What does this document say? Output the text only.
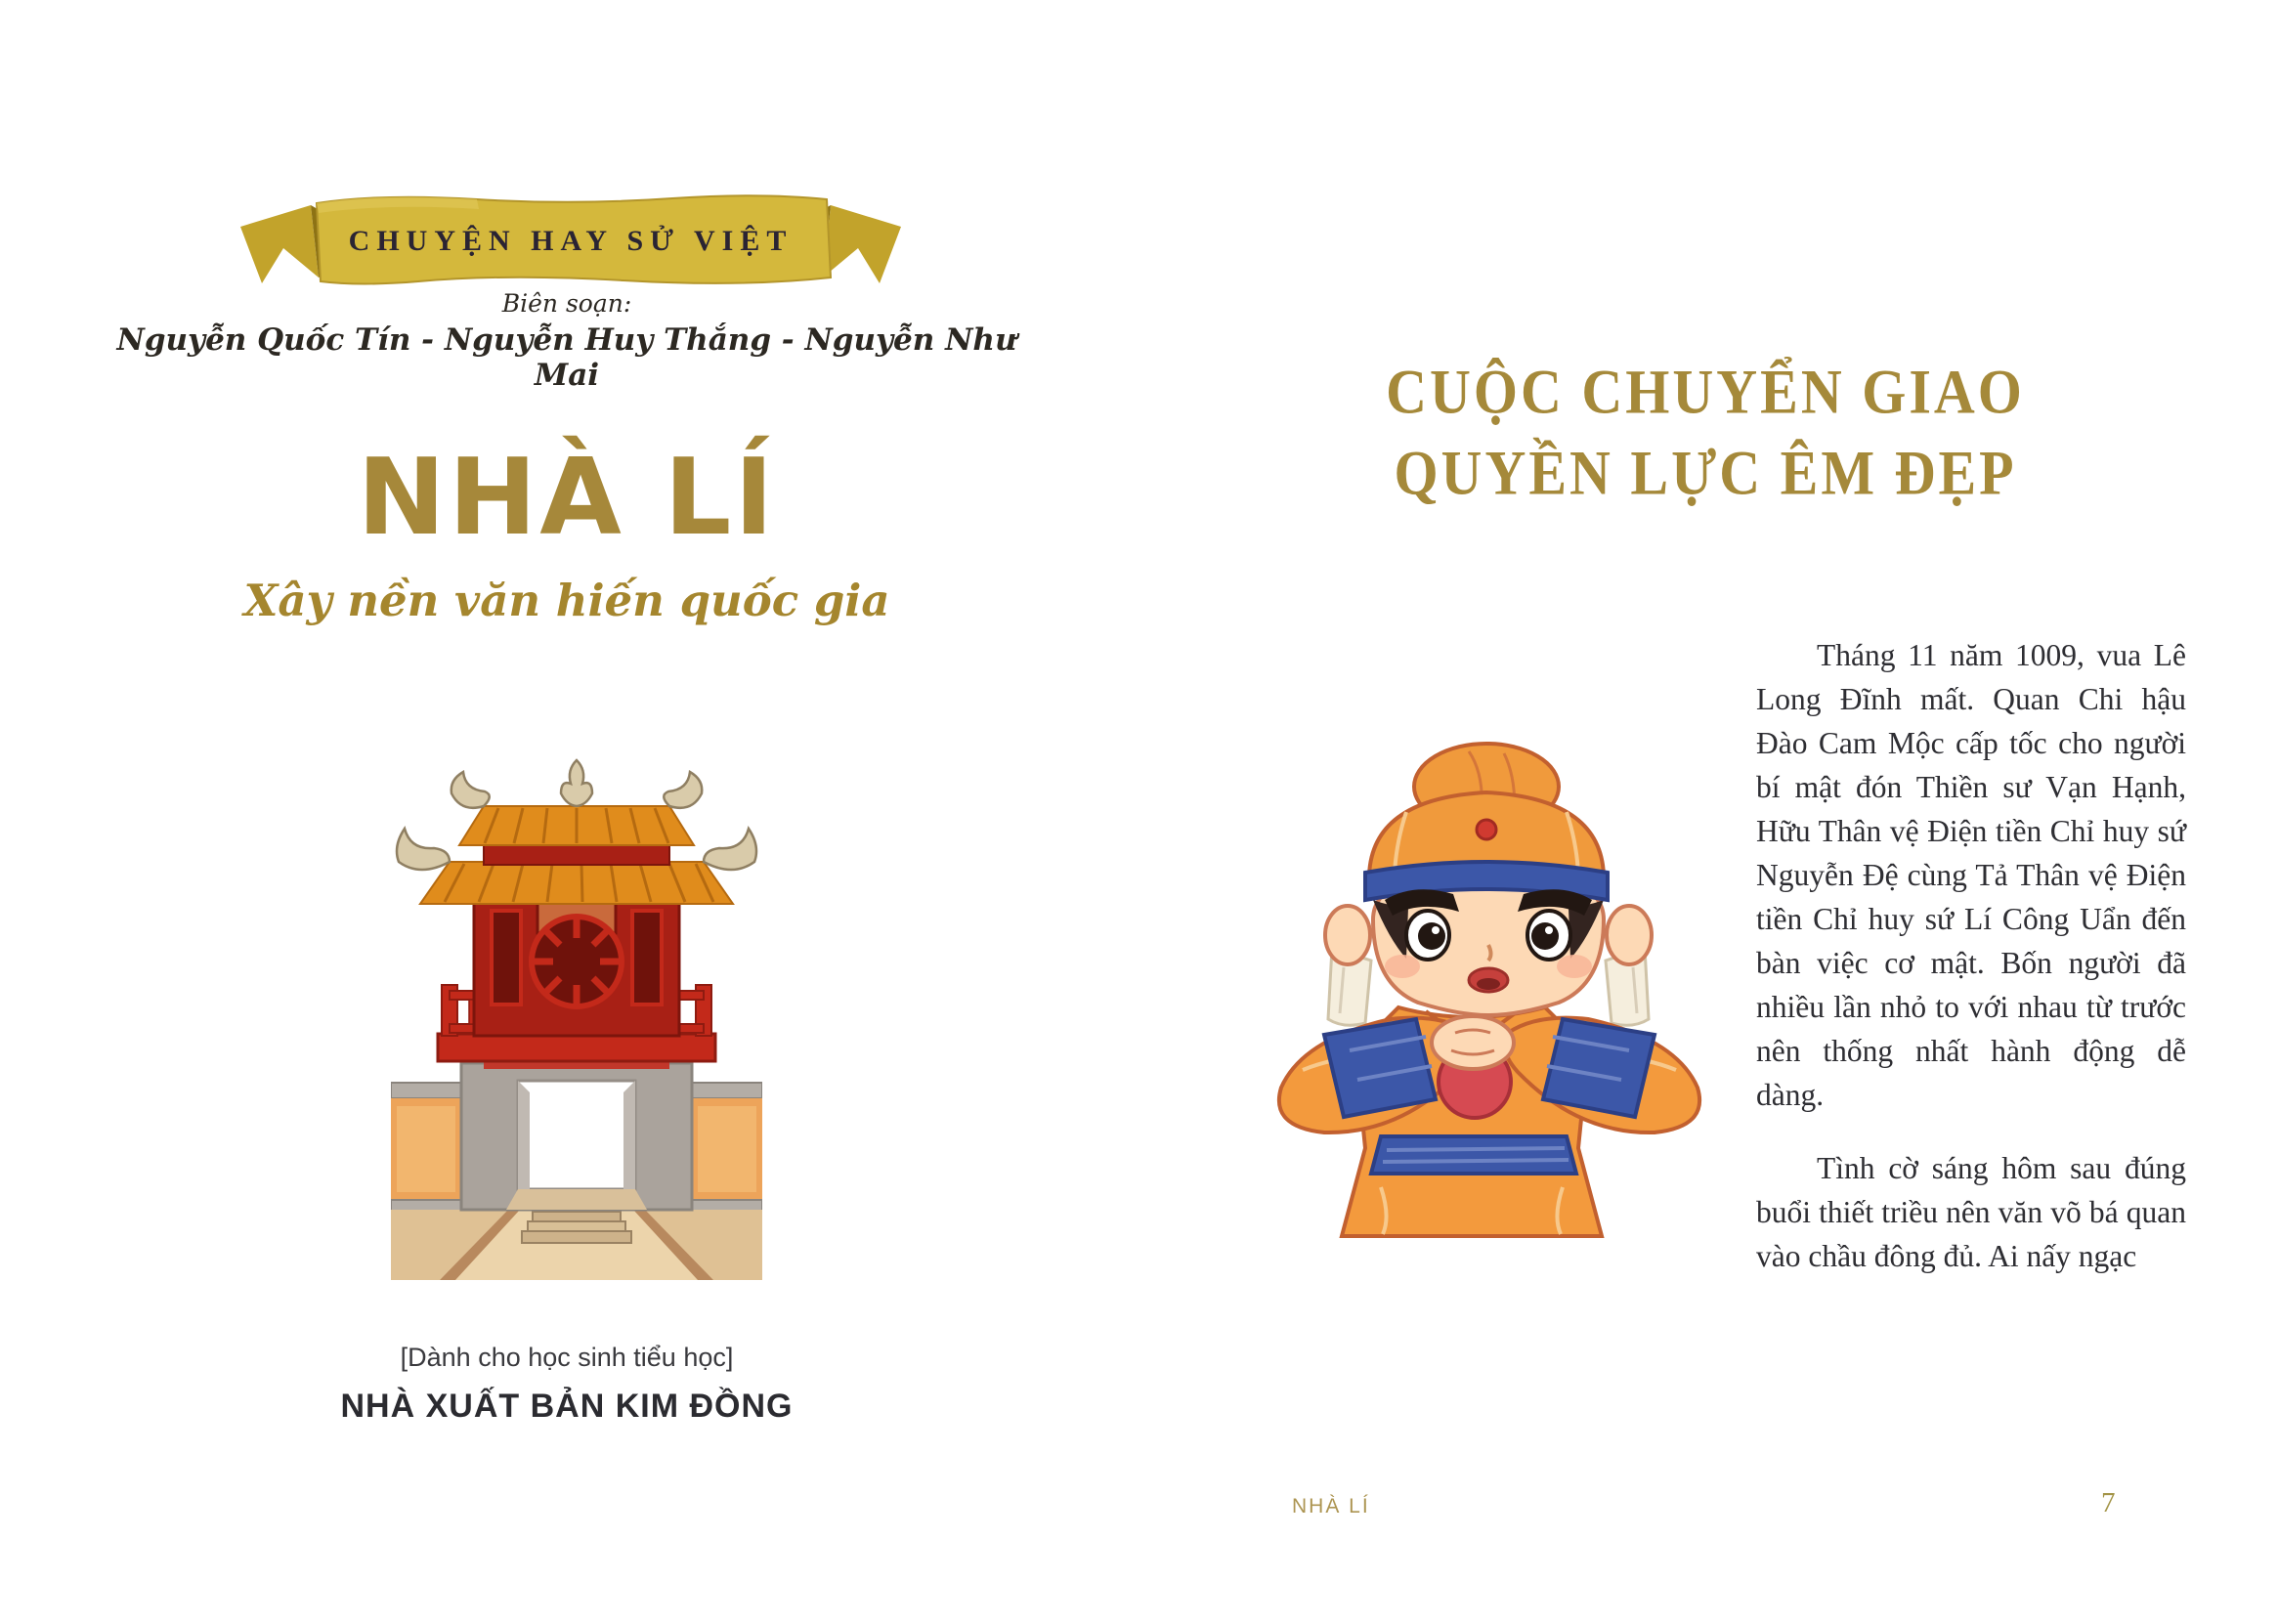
CHUYỆN HAY SỬ VIỆT
Biên soạn:
Nguyễn Quốc Tín - Nguyễn Huy Thắng - Nguyễn Như Mai
NHÀ LÍ
Xây nền văn hiến quốc gia
[Dành cho học sinh tiểu học]
NHÀ XUẤT BẢN KIM ĐỒNG
CUỘC CHUYỂN GIAO
QUYỀN LỰC ÊM ĐẸP

Tháng 11 năm 1009, vua Lê Long Đĩnh mất. Quan Chi hậu Đào Cam Mộc cấp tốc cho người bí mật đón Thiền sư Vạn Hạnh, Hữu Thân vệ Điện tiền Chỉ huy sứ Nguyễn Đệ cùng Tả Thân vệ Điện tiền Chỉ huy sứ Lí Công Uẩn đến bàn việc cơ mật. Bốn người đã nhiều lần nhỏ to với nhau từ trước nên thống nhất hành động dễ dàng.

Tình cờ sáng hôm sau đúng buổi thiết triều nên văn võ bá quan vào chầu đông đủ. Ai nấy ngạc

NHÀ LÍ	7
